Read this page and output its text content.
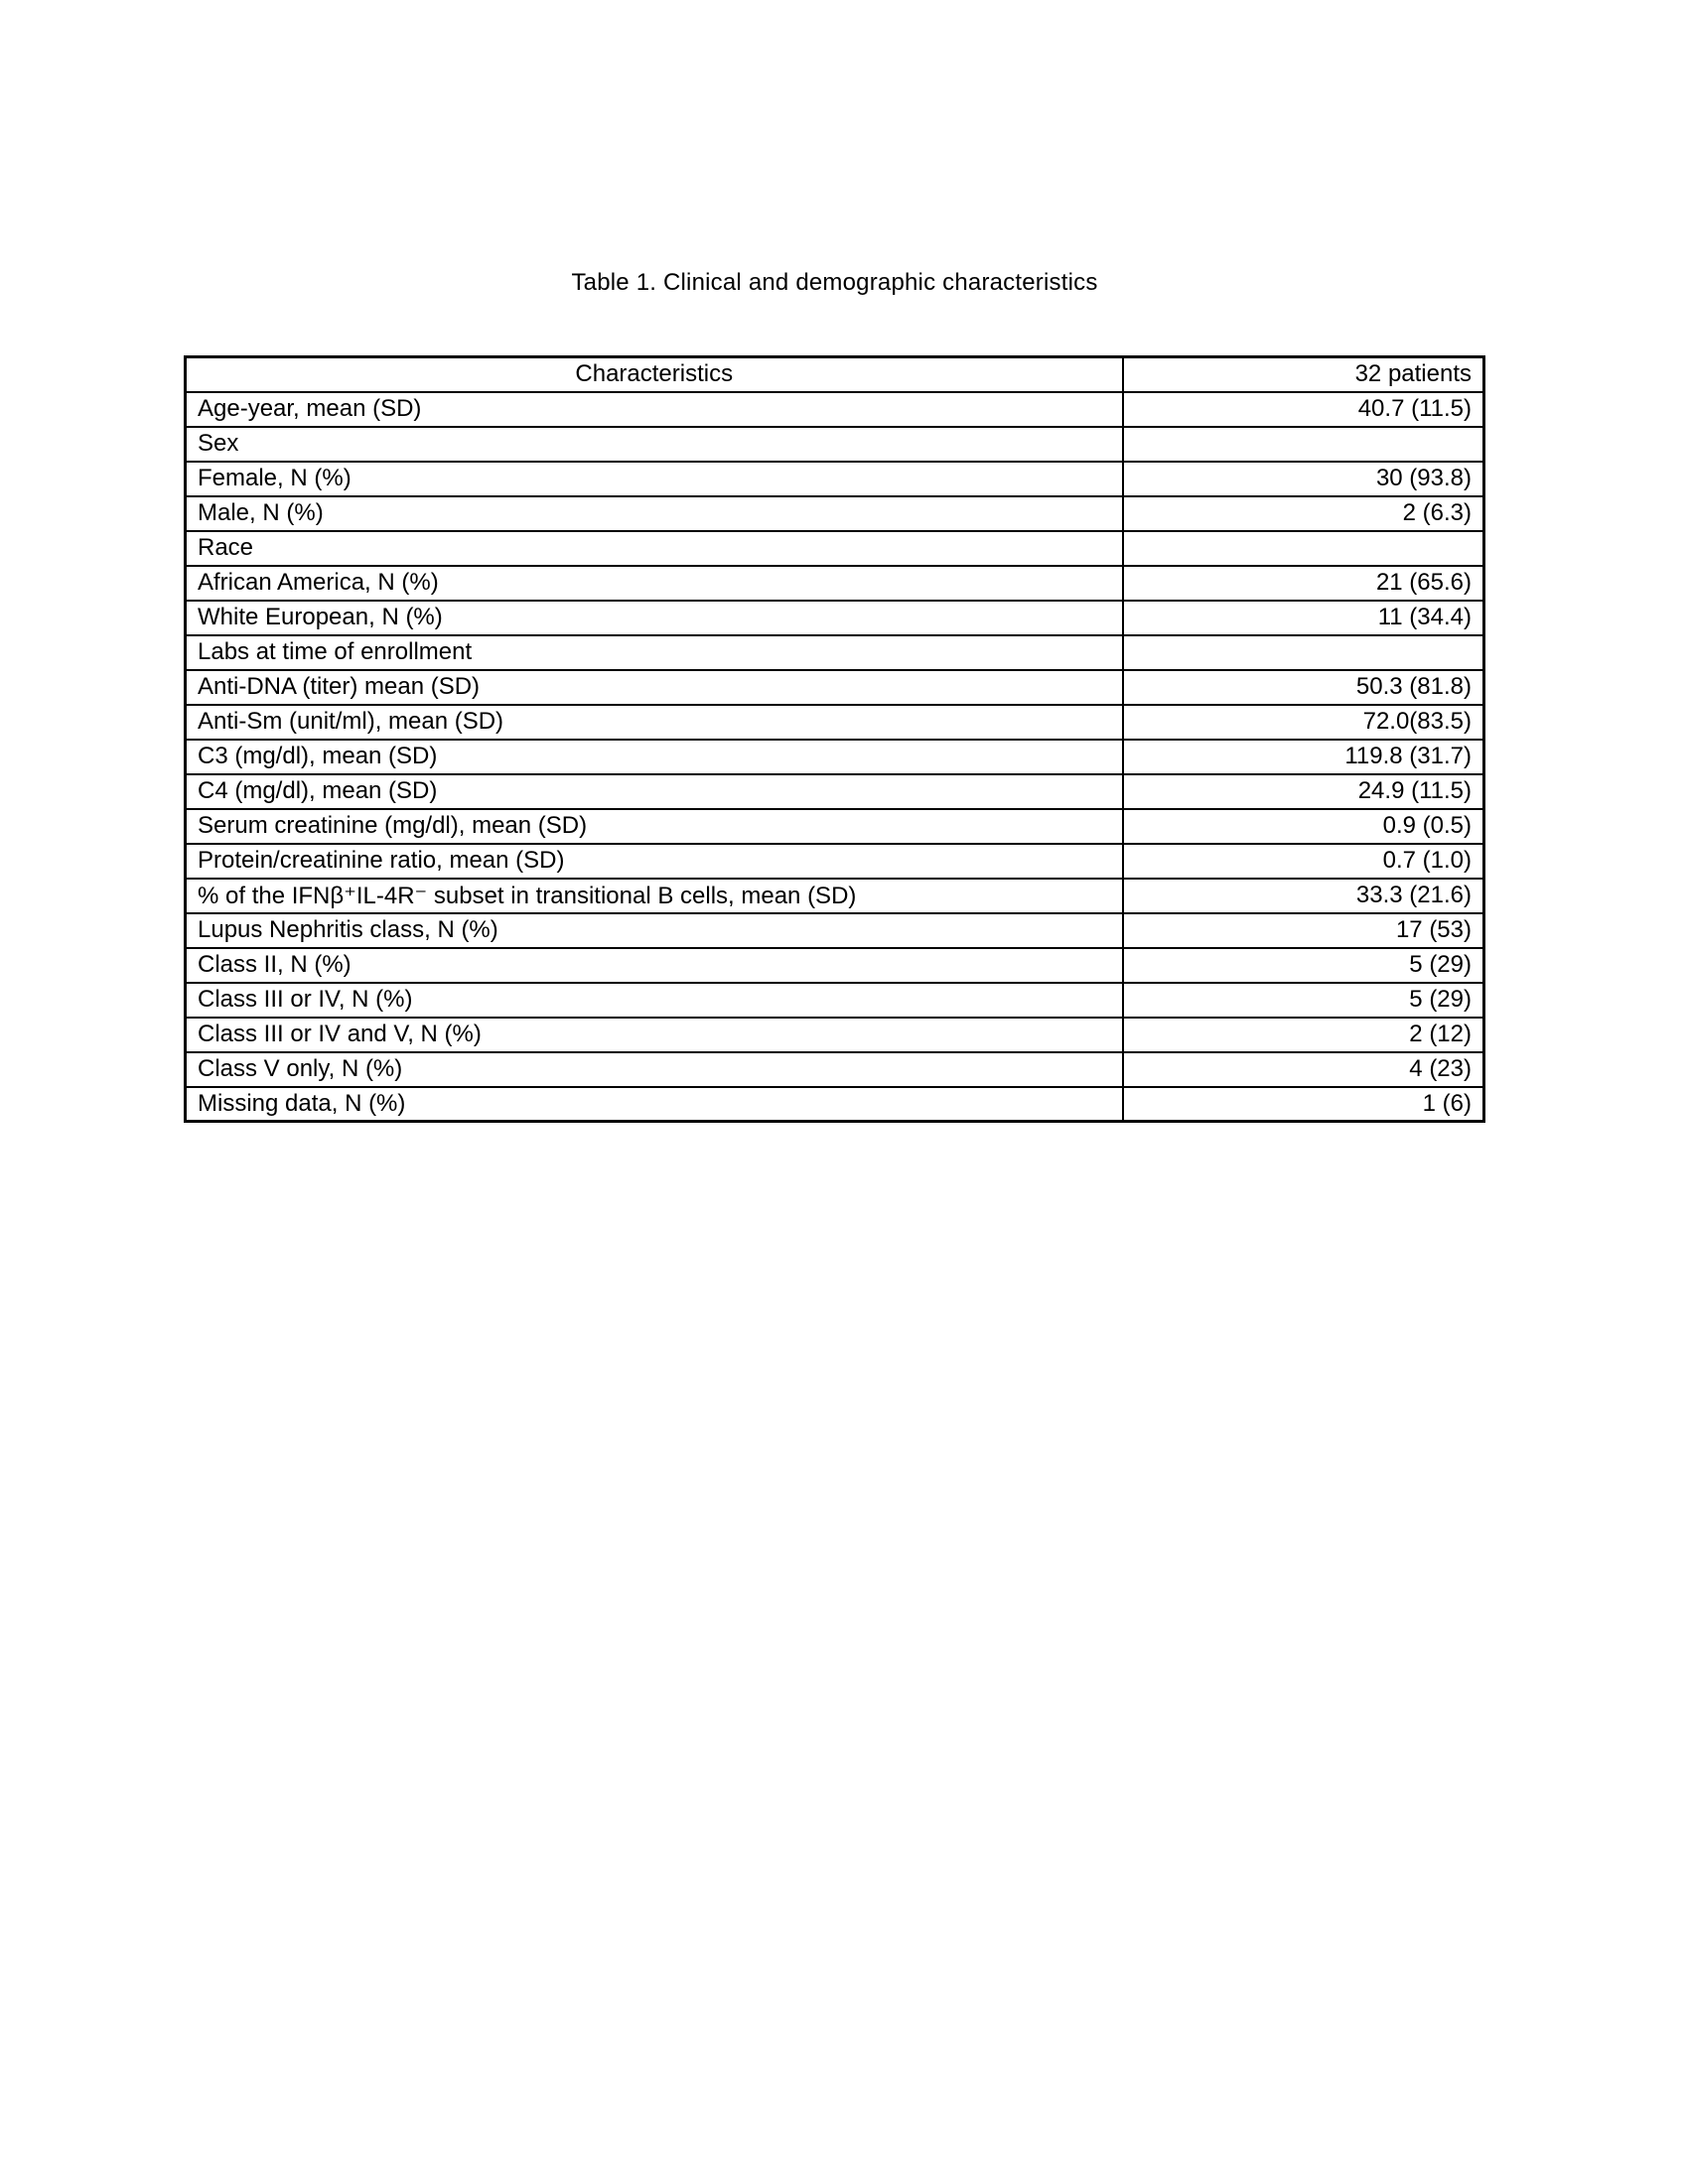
Table 1. Clinical and demographic characteristics
Characteristics	32 patients
Age-year, mean (SD)	40.7 (11.5)
Sex	
Female, N (%)	30 (93.8)
Male, N (%)	2 (6.3)
Race	
African America, N (%)	21 (65.6)
White European, N (%)	11 (34.4)
Labs at time of enrollment	
Anti-DNA (titer) mean (SD)	50.3 (81.8)
Anti-Sm (unit/ml), mean (SD)	72.0(83.5)
C3 (mg/dl), mean (SD)	119.8 (31.7)
C4 (mg/dl), mean (SD)	24.9 (11.5)
Serum creatinine (mg/dl), mean (SD)	0.9 (0.5)
Protein/creatinine ratio, mean (SD)	0.7 (1.0)
% of the IFNβ⁺IL-4R⁻ subset in transitional B cells, mean (SD)	33.3 (21.6)
Lupus Nephritis class, N (%)	17 (53)
Class II, N (%)	5 (29)
Class III or IV, N (%)	5 (29)
Class III or IV and V, N (%)	2 (12)
Class V only, N (%)	4 (23)
Missing data, N (%)	1 (6)
